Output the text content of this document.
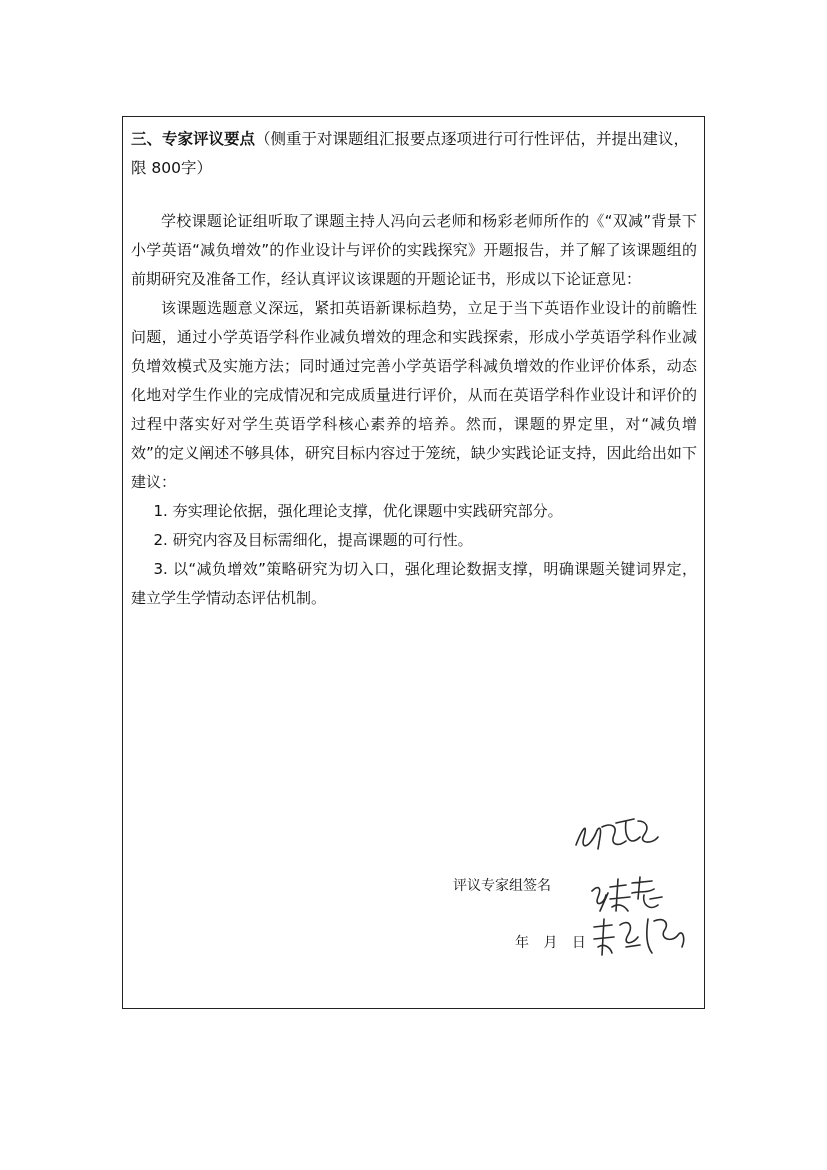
三、专家评议要点（侧重于对课题组汇报要点逐项进行可行性评估，并提出建议，限 800字）

学校课题论证组听取了课题主持人冯向云老师和杨彩老师所作的《“双减”背景下小学英语“减负增效”的作业设计与评价的实践探究》开题报告，并了解了该课题组的前期研究及准备工作，经认真评议该课题的开题论证书，形成以下论证意见：

该课题选题意义深远，紧扣英语新课标趋势，立足于当下英语作业设计的前瞻性问题，通过小学英语学科作业减负增效的理念和实践探索，形成小学英语学科作业减负增效模式及实施方法；同时通过完善小学英语学科减负增效的作业评价体系，动态化地对学生作业的完成情况和完成质量进行评价，从而在英语学科作业设计和评价的过程中落实好对学生英语学科核心素养的培养。然而，课题的界定里，对“减负增效”的定义阐述不够具体，研究目标内容过于笼统，缺少实践论证支持，因此给出如下建议：

1. 夯实理论依据，强化理论支撑，优化课题中实践研究部分。

2. 研究内容及目标需细化，提高课题的可行性。

3. 以“减负增效”策略研究为切入口，强化理论数据支撑，明确课题关键词界定，建立学生学情动态评估机制。

评议专家组签名
年 月 日
